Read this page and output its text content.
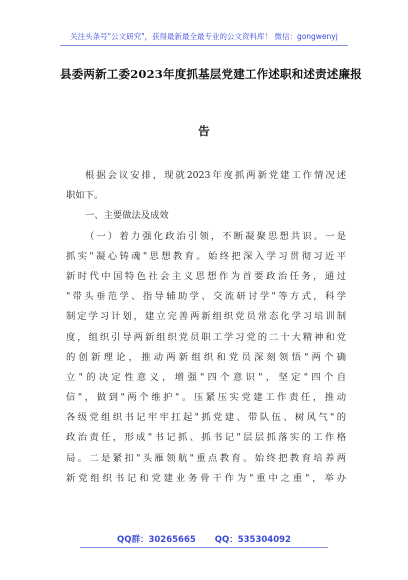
关注头条号"公文研究"，获得最新最全最专业的公文资料库！ 微信：gongwenyj
县委两新工委2023年度抓基层党建工作述职和述责述廉报
告
根据会议安排，现就2023年度抓两新党建工作情况述
职如下。
一、主要做法及成效
（一）着力强化政治引领，不断凝聚思想共识。一是
抓实"凝心铸魂"思想教育。始终把深入学习贯彻习近平
新时代中国特色社会主义思想作为首要政治任务，通过
"带头垂范学、指导辅助学、交流研讨学"等方式，科学
制定学习计划，建立完善两新组织党员常态化学习培训制
度，组织引导两新组织党员职工学习党的二十大精神和党
的创新理论，推动两新组织和党员深刻领悟"两个确
立"的决定性意义，增强"四个意识"，坚定"四个自
信"，做到"两个维护"。压紧压实党建工作责任，推动
各级党组织书记牢牢扛起"抓党建、带队伍、树风气"的
政治责任，形成"书记抓、抓书记"层层抓落实的工作格
局。二是紧扣"头雁领航"重点教育。始终把教育培养两
新党组织书记和党建业务骨干作为"重中之重"，举办
QQ群：30265665 QQ：535304092
